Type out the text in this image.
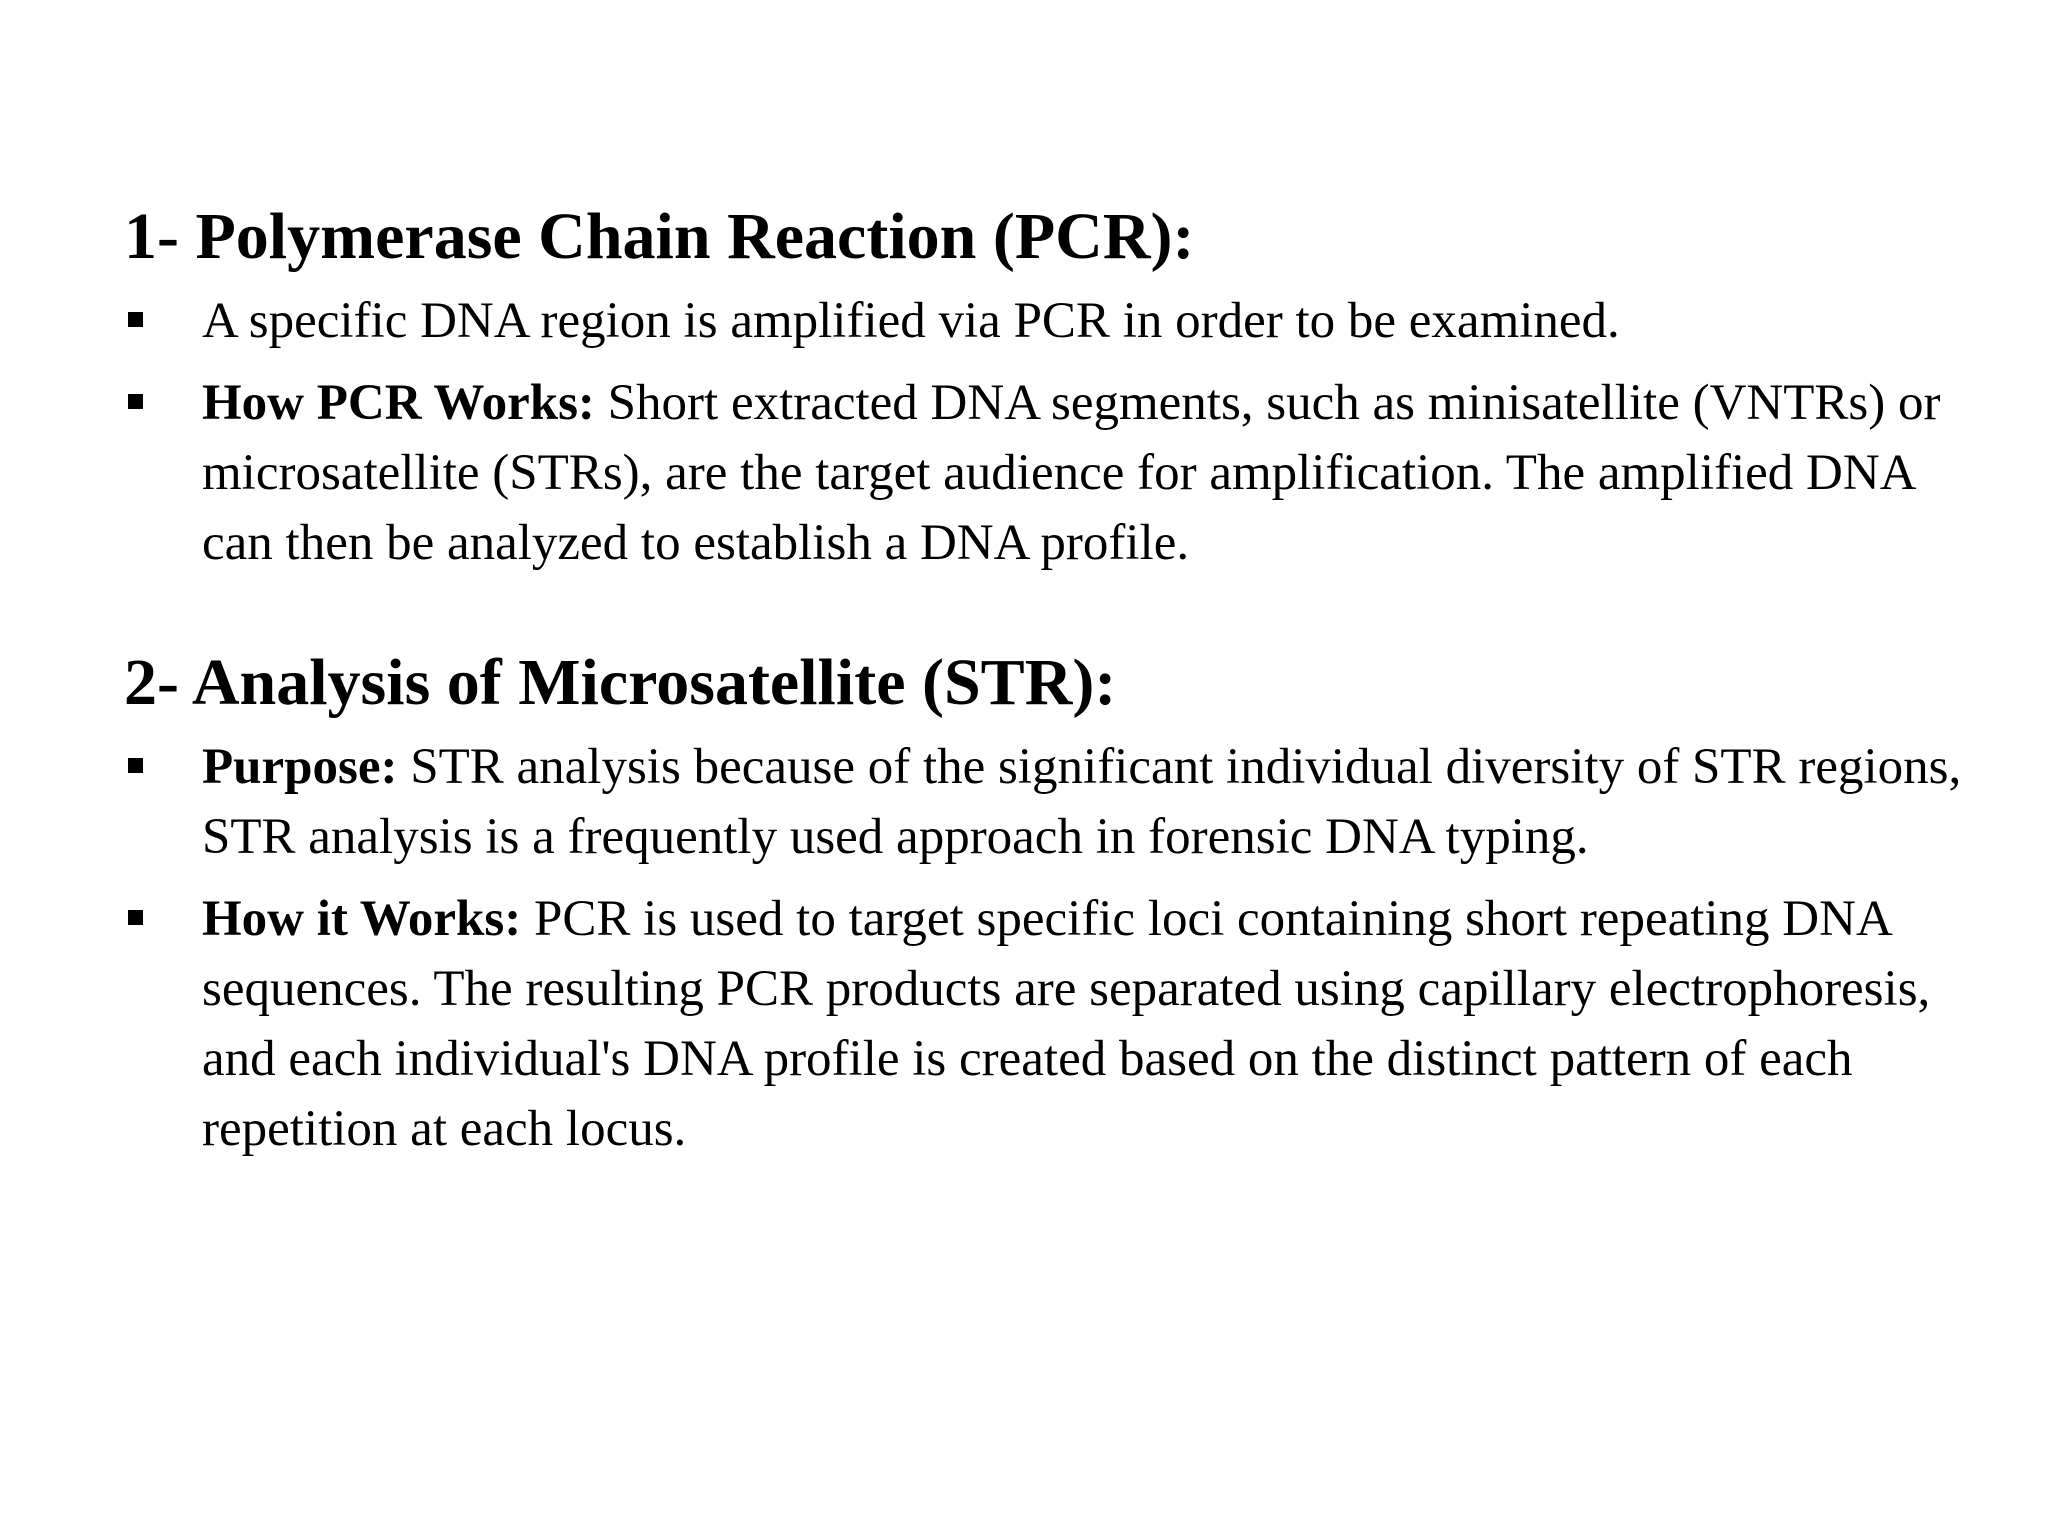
1- Polymerase Chain Reaction (PCR):
A specific DNA region is amplified via PCR in order to be examined.
How PCR Works: Short extracted DNA segments, such as minisatellite (VNTRs) or microsatellite (STRs), are the target audience for amplification. The amplified DNA can then be analyzed to establish a DNA profile.
2- Analysis of Microsatellite (STR):
Purpose: STR analysis because of the significant individual diversity of STR regions, STR analysis is a frequently used approach in forensic DNA typing.
How it Works: PCR is used to target specific loci containing short repeating DNA sequences. The resulting PCR products are separated using capillary electrophoresis, and each individual's DNA profile is created based on the distinct pattern of each repetition at each locus.
